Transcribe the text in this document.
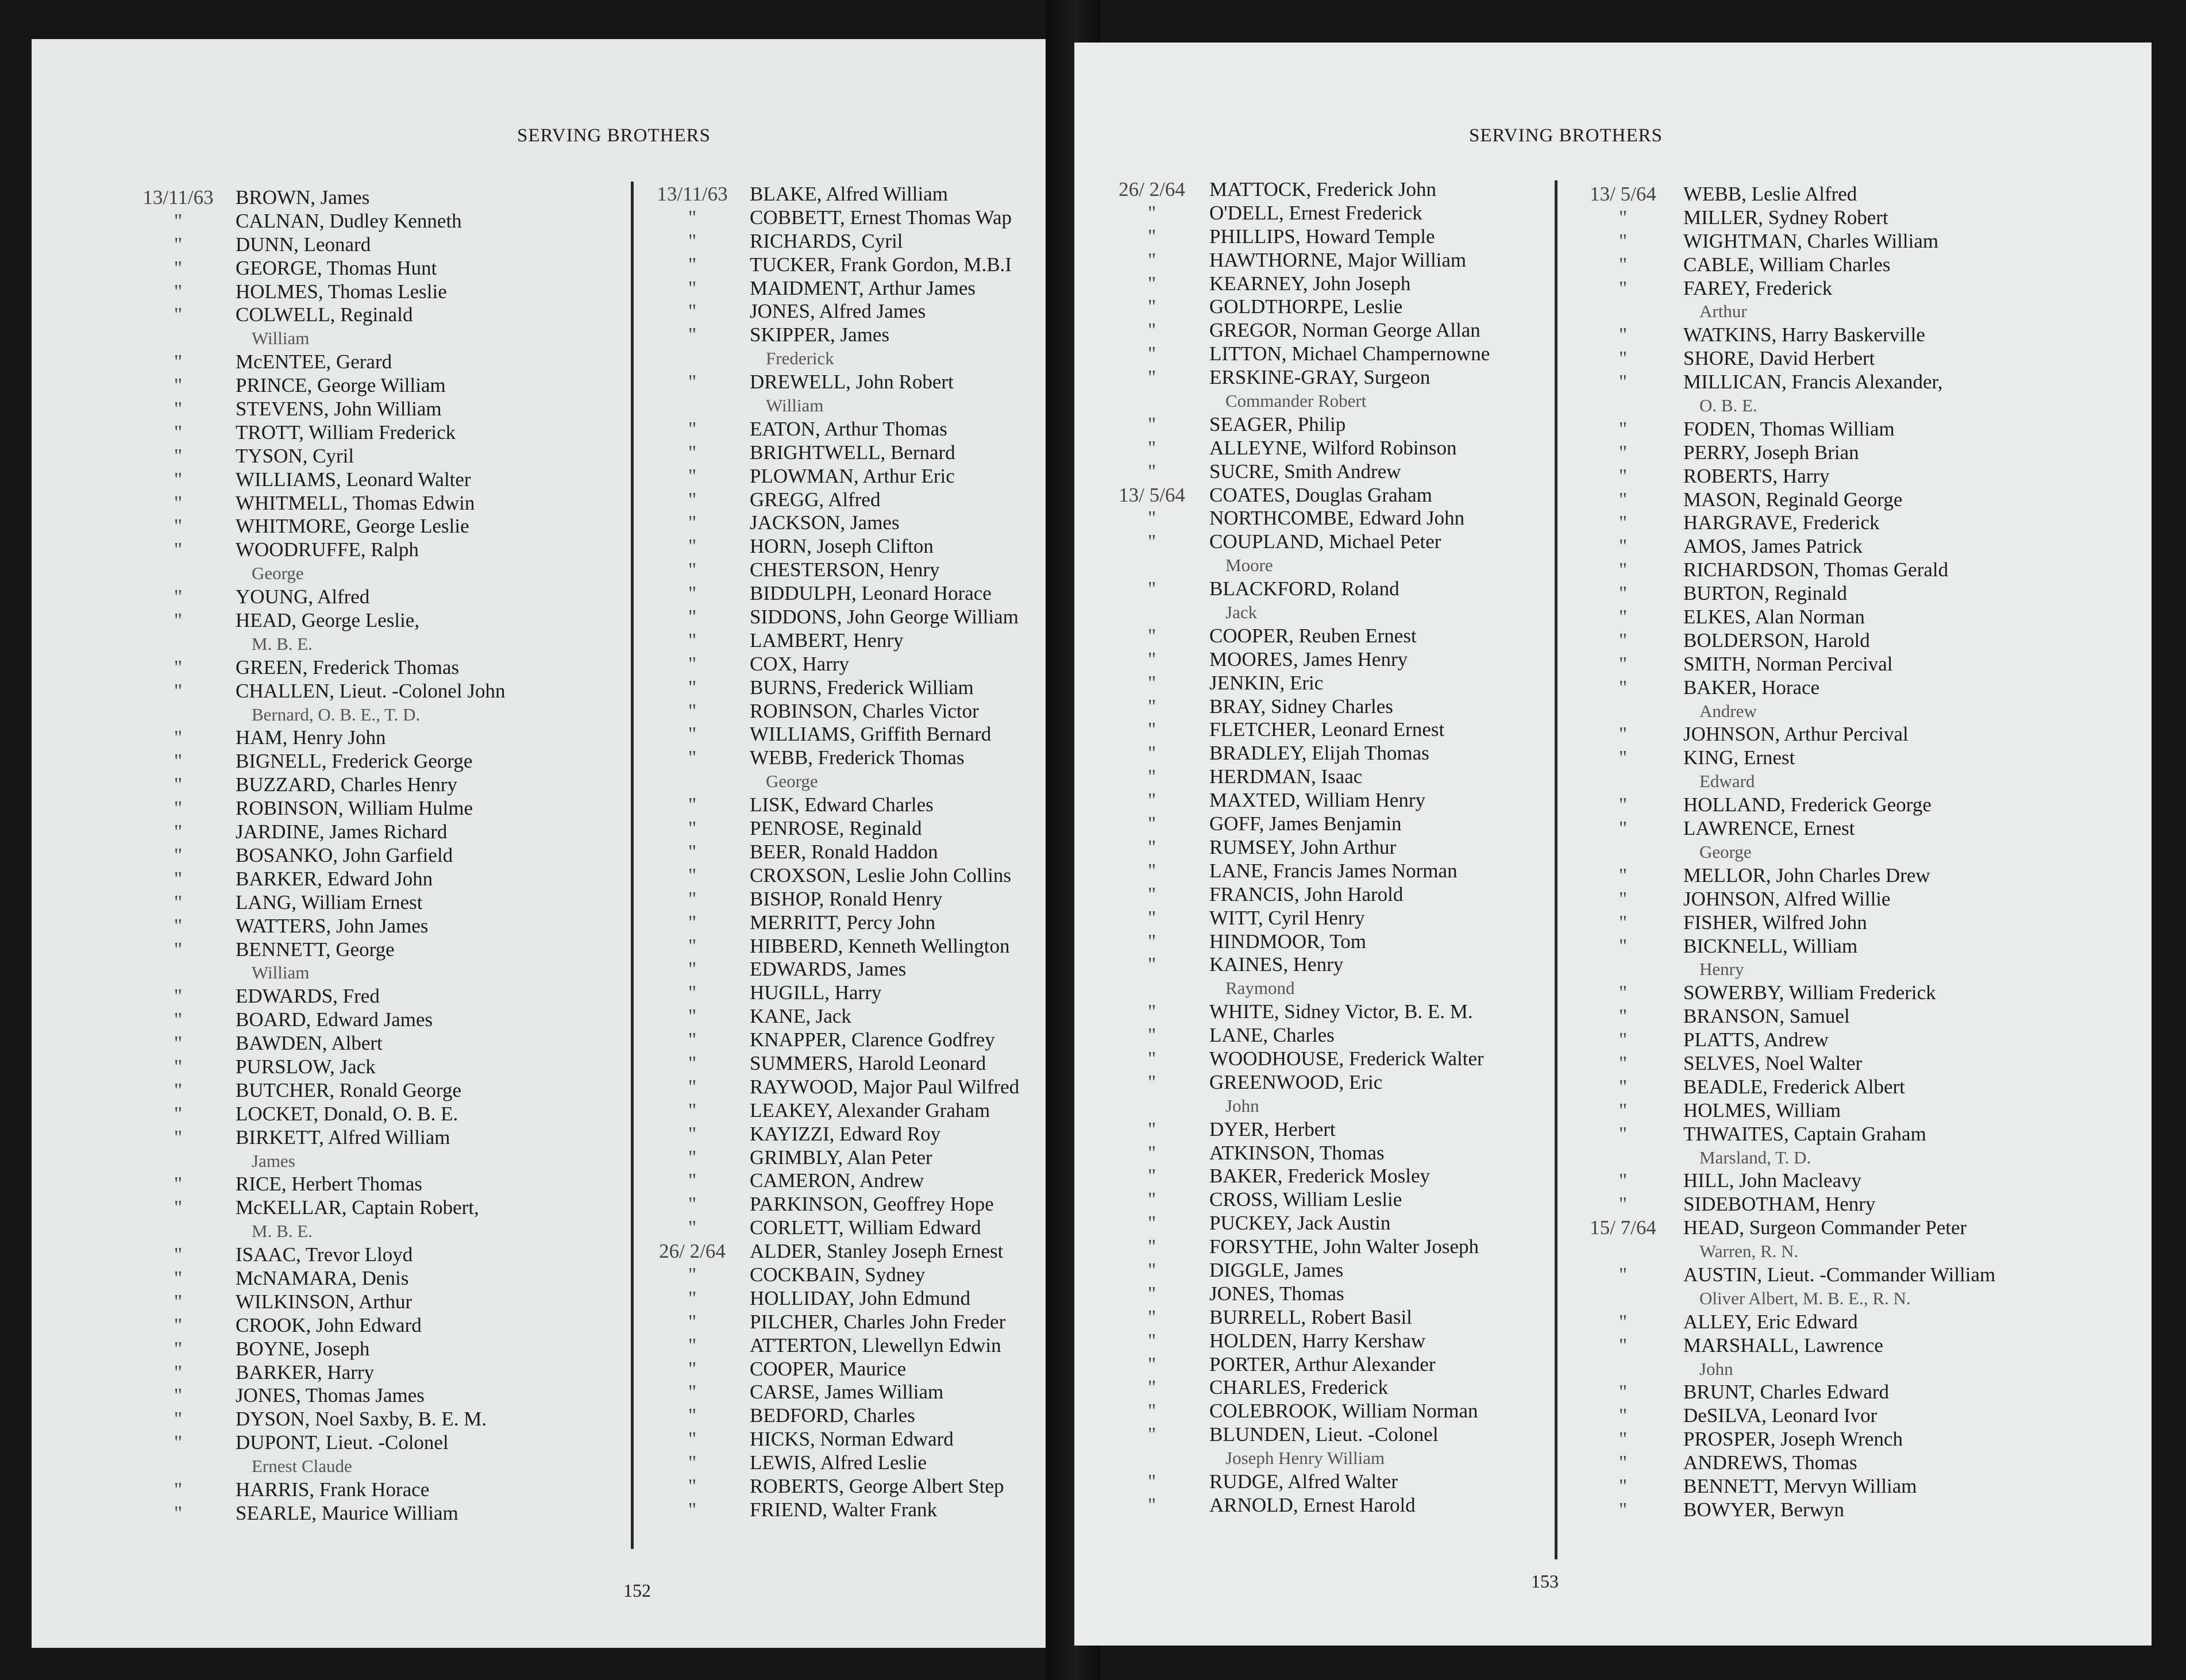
SERVING BROTHERS
13/11/63	BROWN, James
"	CALNAN, Dudley Kenneth
"	DUNN, Leonard
"	GEORGE, Thomas Hunt
"	HOLMES, Thomas Leslie
"	COLWELL, Reginald
William
"	McENTEE, Gerard
"	PRINCE, George William
"	STEVENS, John William
"	TROTT, William Frederick
"	TYSON, Cyril
"	WILLIAMS, Leonard Walter
"	WHITMELL, Thomas Edwin
"	WHITMORE, George Leslie
"	WOODRUFFE, Ralph
George
"	YOUNG, Alfred
"	HEAD, George Leslie,
M. B. E.
"	GREEN, Frederick Thomas
"	CHALLEN, Lieut. -Colonel John
Bernard, O. B. E., T. D.
"	HAM, Henry John
"	BIGNELL, Frederick George
"	BUZZARD, Charles Henry
"	ROBINSON, William Hulme
"	JARDINE, James Richard
"	BOSANKO, John Garfield
"	BARKER, Edward John
"	LANG, William Ernest
"	WATTERS, John James
"	BENNETT, George
William
"	EDWARDS, Fred
"	BOARD, Edward James
"	BAWDEN, Albert
"	PURSLOW, Jack
"	BUTCHER, Ronald George
"	LOCKET, Donald, O. B. E.
"	BIRKETT, Alfred William
James
"	RICE, Herbert Thomas
"	McKELLAR, Captain Robert,
M. B. E.
"	ISAAC, Trevor Lloyd
"	McNAMARA, Denis
"	WILKINSON, Arthur
"	CROOK, John Edward
"	BOYNE, Joseph
"	BARKER, Harry
"	JONES, Thomas James
"	DYSON, Noel Saxby, B. E. M.
"	DUPONT, Lieut. -Colonel
Ernest Claude
"	HARRIS, Frank Horace
"	SEARLE, Maurice William
13/11/63	BLAKE, Alfred William
"	COBBETT, Ernest Thomas Wap
"	RICHARDS, Cyril
"	TUCKER, Frank Gordon, M.B.I
"	MAIDMENT, Arthur James
"	JONES, Alfred James
"	SKIPPER, James
Frederick
"	DREWELL, John Robert
William
"	EATON, Arthur Thomas
"	BRIGHTWELL, Bernard
"	PLOWMAN, Arthur Eric
"	GREGG, Alfred
"	JACKSON, James
"	HORN, Joseph Clifton
"	CHESTERSON, Henry
"	BIDDULPH, Leonard Horace
"	SIDDONS, John George William
"	LAMBERT, Henry
"	COX, Harry
"	BURNS, Frederick William
"	ROBINSON, Charles Victor
"	WILLIAMS, Griffith Bernard
"	WEBB, Frederick Thomas
George
"	LISK, Edward Charles
"	PENROSE, Reginald
"	BEER, Ronald Haddon
"	CROXSON, Leslie John Collins
"	BISHOP, Ronald Henry
"	MERRITT, Percy John
"	HIBBERD, Kenneth Wellington
"	EDWARDS, James
"	HUGILL, Harry
"	KANE, Jack
"	KNAPPER, Clarence Godfrey
"	SUMMERS, Harold Leonard
"	RAYWOOD, Major Paul Wilfred
"	LEAKEY, Alexander Graham
"	KAYIZZI, Edward Roy
"	GRIMBLY, Alan Peter
"	CAMERON, Andrew
"	PARKINSON, Geoffrey Hope
"	CORLETT, William Edward
26/ 2/64	ALDER, Stanley Joseph Ernest
"	COCKBAIN, Sydney
"	HOLLIDAY, John Edmund
"	PILCHER, Charles John Freder
"	ATTERTON, Llewellyn Edwin
"	COOPER, Maurice
"	CARSE, James William
"	BEDFORD, Charles
"	HICKS, Norman Edward
"	LEWIS, Alfred Leslie
"	ROBERTS, George Albert Step
"	FRIEND, Walter Frank
152
SERVING BROTHERS
26/ 2/64	MATTOCK, Frederick John
"	O'DELL, Ernest Frederick
"	PHILLIPS, Howard Temple
"	HAWTHORNE, Major William
"	KEARNEY, John Joseph
"	GOLDTHORPE, Leslie
"	GREGOR, Norman George Allan
"	LITTON, Michael Champernowne
"	ERSKINE-GRAY, Surgeon
Commander Robert
"	SEAGER, Philip
"	ALLEYNE, Wilford Robinson
"	SUCRE, Smith Andrew
13/ 5/64	COATES, Douglas Graham
"	NORTHCOMBE, Edward John
"	COUPLAND, Michael Peter
Moore
"	BLACKFORD, Roland
Jack
"	COOPER, Reuben Ernest
"	MOORES, James Henry
"	JENKIN, Eric
"	BRAY, Sidney Charles
"	FLETCHER, Leonard Ernest
"	BRADLEY, Elijah Thomas
"	HERDMAN, Isaac
"	MAXTED, William Henry
"	GOFF, James Benjamin
"	RUMSEY, John Arthur
"	LANE, Francis James Norman
"	FRANCIS, John Harold
"	WITT, Cyril Henry
"	HINDMOOR, Tom
"	KAINES, Henry
Raymond
"	WHITE, Sidney Victor, B. E. M.
"	LANE, Charles
"	WOODHOUSE, Frederick Walter
"	GREENWOOD, Eric
John
"	DYER, Herbert
"	ATKINSON, Thomas
"	BAKER, Frederick Mosley
"	CROSS, William Leslie
"	PUCKEY, Jack Austin
"	FORSYTHE, John Walter Joseph
"	DIGGLE, James
"	JONES, Thomas
"	BURRELL, Robert Basil
"	HOLDEN, Harry Kershaw
"	PORTER, Arthur Alexander
"	CHARLES, Frederick
"	COLEBROOK, William Norman
"	BLUNDEN, Lieut. -Colonel
Joseph Henry William
"	RUDGE, Alfred Walter
"	ARNOLD, Ernest Harold
13/ 5/64	WEBB, Leslie Alfred
"	MILLER, Sydney Robert
"	WIGHTMAN, Charles William
"	CABLE, William Charles
"	FAREY, Frederick
Arthur
"	WATKINS, Harry Baskerville
"	SHORE, David Herbert
"	MILLICAN, Francis Alexander,
O. B. E.
"	FODEN, Thomas William
"	PERRY, Joseph Brian
"	ROBERTS, Harry
"	MASON, Reginald George
"	HARGRAVE, Frederick
"	AMOS, James Patrick
"	RICHARDSON, Thomas Gerald
"	BURTON, Reginald
"	ELKES, Alan Norman
"	BOLDERSON, Harold
"	SMITH, Norman Percival
"	BAKER, Horace
Andrew
"	JOHNSON, Arthur Percival
"	KING, Ernest
Edward
"	HOLLAND, Frederick George
"	LAWRENCE, Ernest
George
"	MELLOR, John Charles Drew
"	JOHNSON, Alfred Willie
"	FISHER, Wilfred John
"	BICKNELL, William
Henry
"	SOWERBY, William Frederick
"	BRANSON, Samuel
"	PLATTS, Andrew
"	SELVES, Noel Walter
"	BEADLE, Frederick Albert
"	HOLMES, William
"	THWAITES, Captain Graham
Marsland, T. D.
"	HILL, John Macleavy
"	SIDEBOTHAM, Henry
15/ 7/64	HEAD, Surgeon Commander Peter
Warren, R. N.
"	AUSTIN, Lieut. -Commander William
Oliver Albert, M. B. E., R. N.
"	ALLEY, Eric Edward
"	MARSHALL, Lawrence
John
"	BRUNT, Charles Edward
"	DeSILVA, Leonard Ivor
"	PROSPER, Joseph Wrench
"	ANDREWS, Thomas
"	BENNETT, Mervyn William
"	BOWYER, Berwyn
153
